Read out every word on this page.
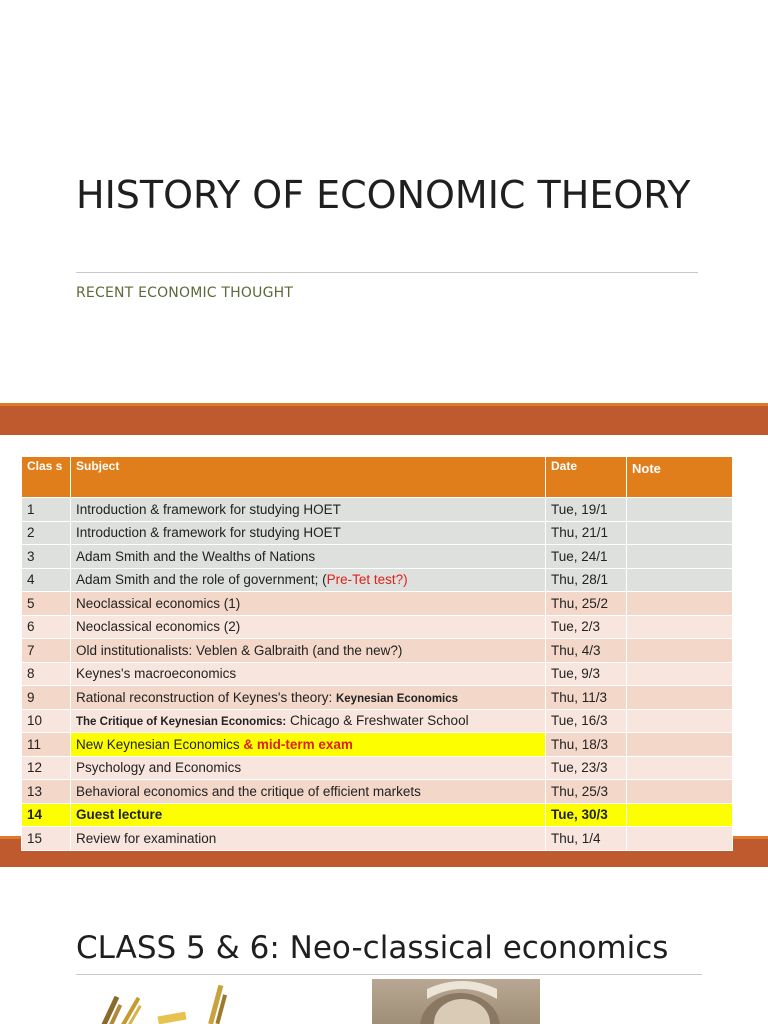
HISTORY OF ECONOMIC THEORY
RECENT ECONOMIC THOUGHT
Clas s	Subject	Date	Note
1	Introduction & framework for studying HOET	Tue, 19/1	
2	Introduction & framework for studying HOET	Thu, 21/1	
3	Adam Smith and the Wealths of Nations	Tue, 24/1	
4	Adam Smith and the role of government; (Pre-Tet test?)	Thu, 28/1	
5	Neoclassical economics (1)	Thu, 25/2	
6	Neoclassical economics (2)	Tue, 2/3	
7	Old institutionalists: Veblen & Galbraith (and the new?)	Thu, 4/3	
8	Keynes's macroeconomics	Tue, 9/3	
9	Rational reconstruction of Keynes's theory: Keynesian Economics	Thu, 11/3	
10	The Critique of Keynesian Economics: Chicago & Freshwater School	Tue, 16/3	
11	New Keynesian Economics & mid-term exam	Thu, 18/3	
12	Psychology and Economics	Tue, 23/3	
13	Behavioral economics and the critique of efficient markets	Thu, 25/3	
14	Guest lecture	Tue, 30/3	
15	Review for examination	Thu, 1/4	
CLASS 5 & 6: Neo-classical economics
